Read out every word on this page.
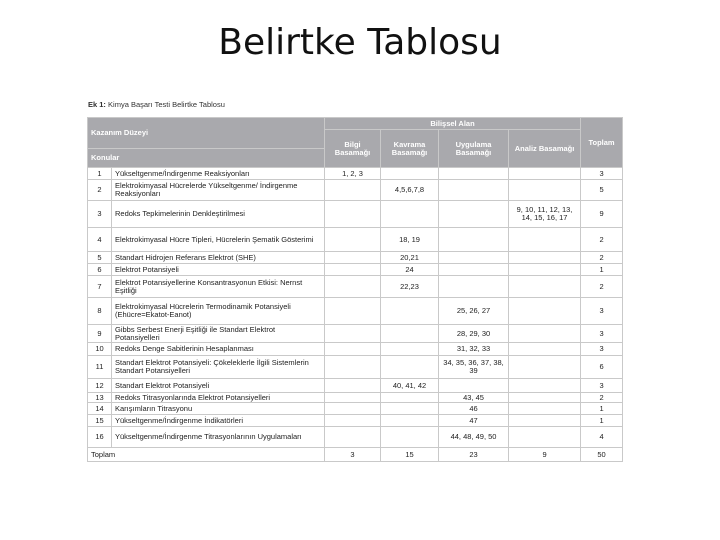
Belirtke Tablosu
Ek 1: Kimya Başarı Testi Belirtke Tablosu
Kazanım Düzeyi		Bilişsel Alan				Toplam
		Bilgi Basamağı	Kavrama Basamağı	Uygulama Basamağı	Analiz Basamağı	
Konular						
1	Yükseltgenme/İndirgenme Reaksiyonları	1, 2, 3				3
2	Elektrokimyasal Hücrelerde Yükseltgenme/ İndirgenme Reaksiyonları		4,5,6,7,8			5
3	Redoks Tepkimelerinin Denkleştirilmesi				9, 10, 11, 12, 13, 14, 15, 16, 17	9
4	Elektrokimyasal Hücre Tipleri, Hücrelerin Şematik Gösterimi		18, 19			2
5	Standart Hidrojen Referans Elektrot (SHE)		20,21			2
6	Elektrot Potansiyeli		24			1
7	Elektrot Potansiyellerine Konsantrasyonun Etkisi: Nernst Eşitliği		22,23			2
8	Elektrokimyasal Hücrelerin Termodinamik Potansiyeli (Ehücre=Ekatot-Eanot)			25, 26, 27		3
9	Gibbs Serbest Enerji Eşitliği ile Standart Elektrot Potansiyelleri			28, 29, 30		3
10	Redoks Denge Sabitlerinin Hesaplanması			31, 32, 33		3
11	Standart Elektrot Potansiyeli: Çökeleklerle İlgili Sistemlerin Standart Potansiyelleri			34, 35, 36, 37, 38, 39		6
12	Standart Elektrot Potansiyeli		40, 41, 42			3
13	Redoks Titrasyonlarında Elektrot Potansiyelleri			43, 45		2
14	Karışımların Titrasyonu			46		1
15	Yükseltgenme/İndirgenme İndikatörleri			47		1
16	Yükseltgenme/İndirgenme Titrasyonlarının Uygulamaları			44, 48, 49, 50		4
Toplam		3	15	23	9	50
